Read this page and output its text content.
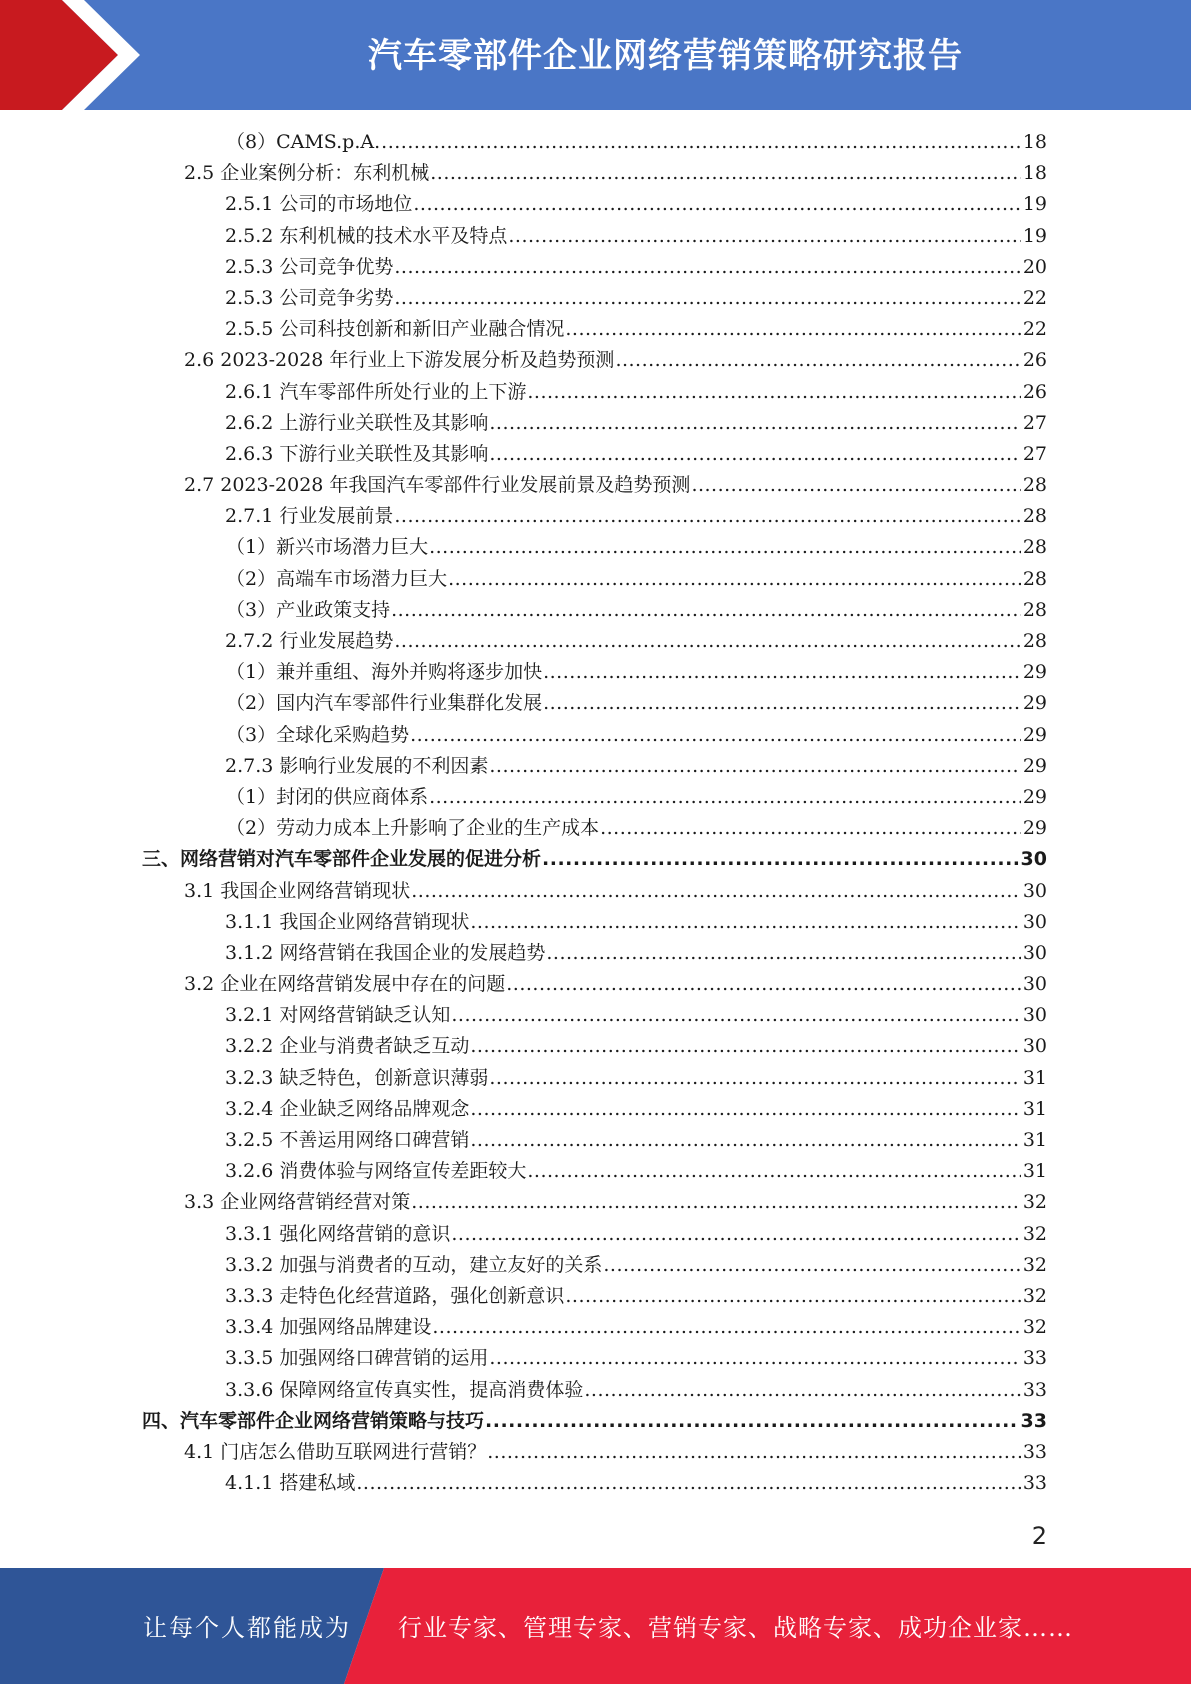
汽车零部件企业网络营销策略研究报告
（8）CAMS.p.A. .....	18
2.5 企业案例分析：东利机械 .....	18
2.5.1 公司的市场地位 .....	19
2.5.2 东利机械的技术水平及特点 .....	19
2.5.3 公司竞争优势 .....	20
2.5.3 公司竞争劣势 .....	22
2.5.5 公司科技创新和新旧产业融合情况 .....	22
2.6 2023-2028 年行业上下游发展分析及趋势预测 .....	26
2.6.1 汽车零部件所处行业的上下游 .....	26
2.6.2 上游行业关联性及其影响 .....	27
2.6.3 下游行业关联性及其影响 .....	27
2.7 2023-2028 年我国汽车零部件行业发展前景及趋势预测 .....	28
2.7.1 行业发展前景 .....	28
（1）新兴市场潜力巨大 .....	28
（2）高端车市场潜力巨大 .....	28
（3）产业政策支持 .....	28
2.7.2 行业发展趋势 .....	28
（1）兼并重组、海外并购将逐步加快 .....	29
（2）国内汽车零部件行业集群化发展 .....	29
（3）全球化采购趋势 .....	29
2.7.3 影响行业发展的不利因素 .....	29
（1）封闭的供应商体系 .....	29
（2）劳动力成本上升影响了企业的生产成本 .....	29
三、网络营销对汽车零部件企业发展的促进分析 .....	30
3.1 我国企业网络营销现状 .....	30
3.1.1 我国企业网络营销现状 .....	30
3.1.2 网络营销在我国企业的发展趋势 .....	30
3.2 企业在网络营销发展中存在的问题 .....	30
3.2.1 对网络营销缺乏认知 .....	30
3.2.2 企业与消费者缺乏互动 .....	30
3.2.3 缺乏特色，创新意识薄弱 .....	31
3.2.4 企业缺乏网络品牌观念 .....	31
3.2.5 不善运用网络口碑营销 .....	31
3.2.6 消费体验与网络宣传差距较大 .....	31
3.3 企业网络营销经营对策 .....	32
3.3.1 强化网络营销的意识 .....	32
3.3.2 加强与消费者的互动，建立友好的关系 .....	32
3.3.3 走特色化经营道路，强化创新意识 .....	32
3.3.4 加强网络品牌建设 .....	32
3.3.5 加强网络口碑营销的运用 .....	33
3.3.6 保障网络宣传真实性，提高消费体验 .....	33
四、汽车零部件企业网络营销策略与技巧 .....	33
4.1 门店怎么借助互联网进行营销？ .....	33
4.1.1 搭建私域 .....	33
2
让每个人都能成为 行业专家、管理专家、营销专家、战略专家、成功企业家……
